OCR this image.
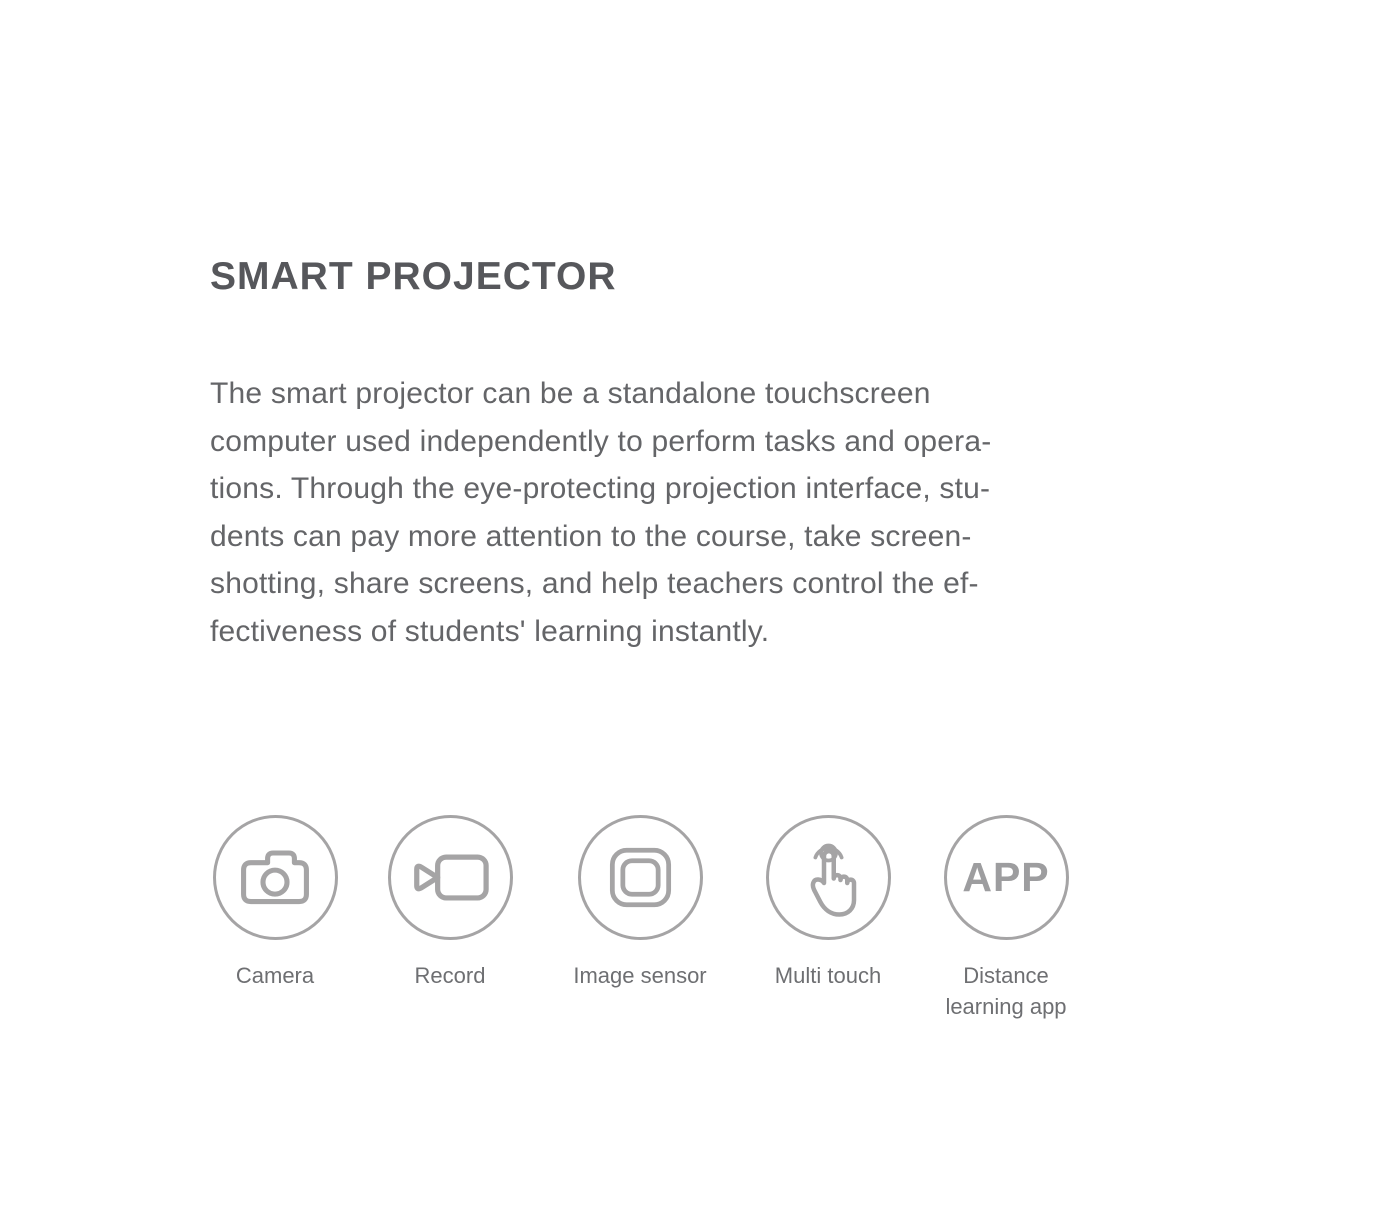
SMART PROJECTOR
The smart projector can be a standalone touchscreen
computer used independently to perform tasks and opera-
tions. Through the eye-protecting projection interface, stu-
dents can pay more attention to the course, take screen-
shotting, share screens, and help teachers control the ef-
fectiveness of students' learning instantly.
Camera	Record	Image sensor	Multi touch
APP
Distance
learning app
